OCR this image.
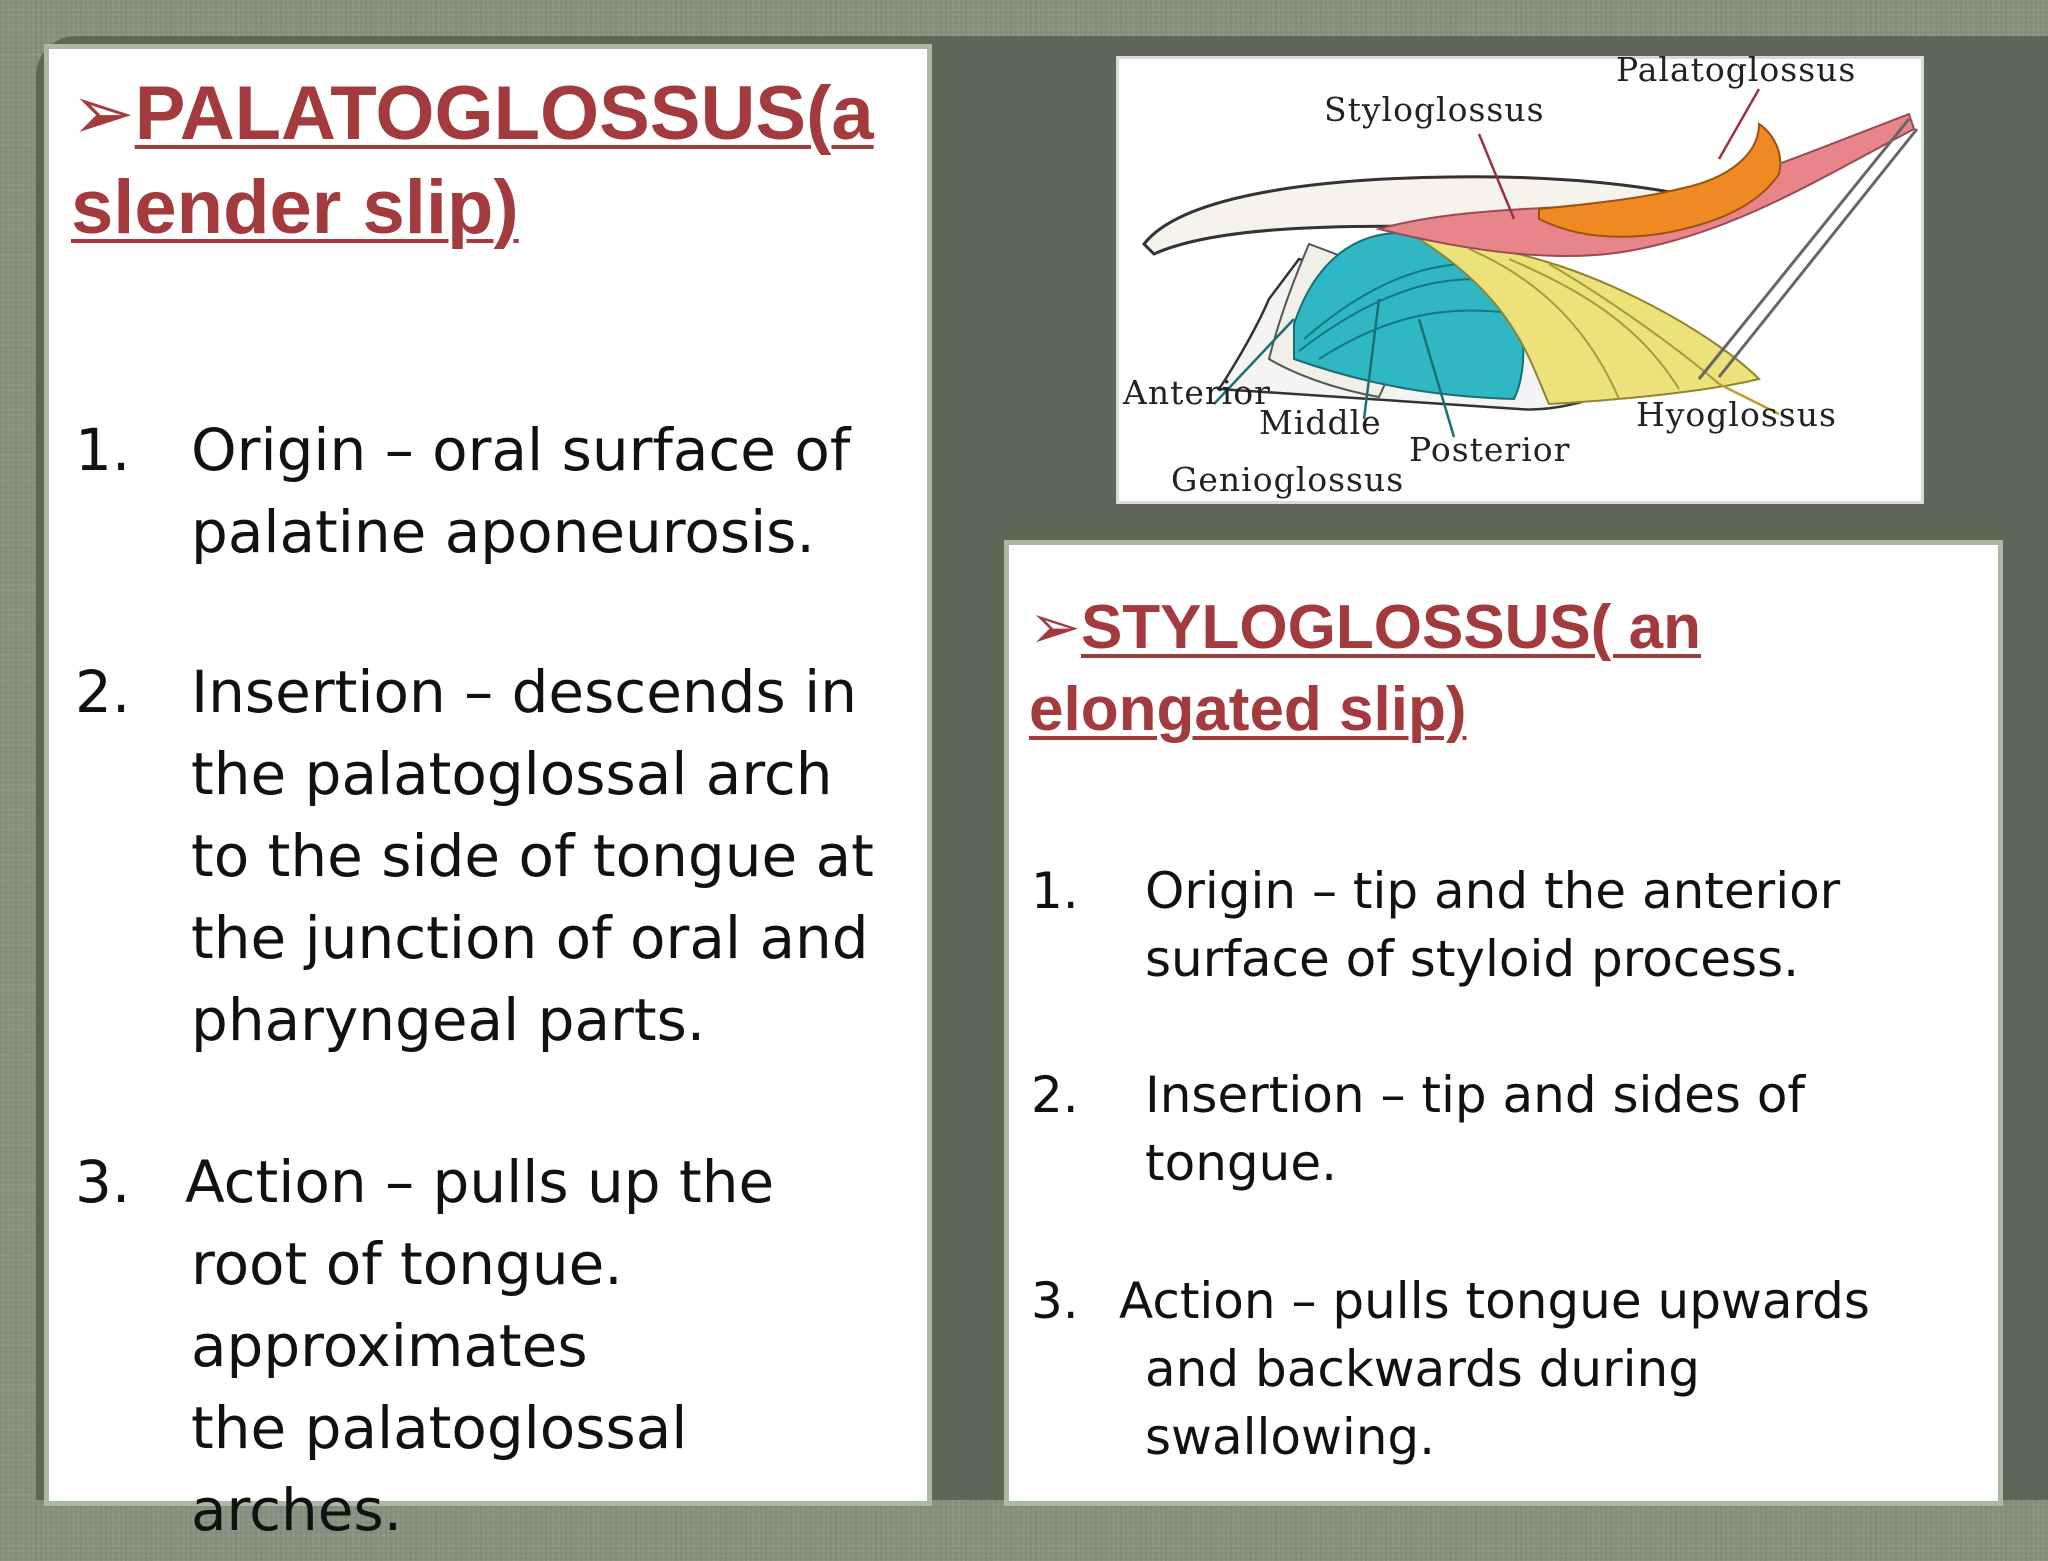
➢PALATOGLOSSUS(a slender slip)
1. Origin – oral surface of
palatine aponeurosis.
2. Insertion – descends in
the palatoglossal arch
to the side of tongue at
the junction of oral and
pharyngeal parts.
3. Action – pulls up the
root of tongue.
approximates
the palatoglossal
arches.
Palatoglossus
Styloglossus
Anterior
Middle
Posterior
Genioglossus
Hyoglossus
➢STYLOGLOSSUS( an elongated slip)
1. Origin – tip and the anterior
surface of styloid process.
2. Insertion – tip and sides of
tongue.
3. Action – pulls tongue upwards
and backwards during
swallowing.
